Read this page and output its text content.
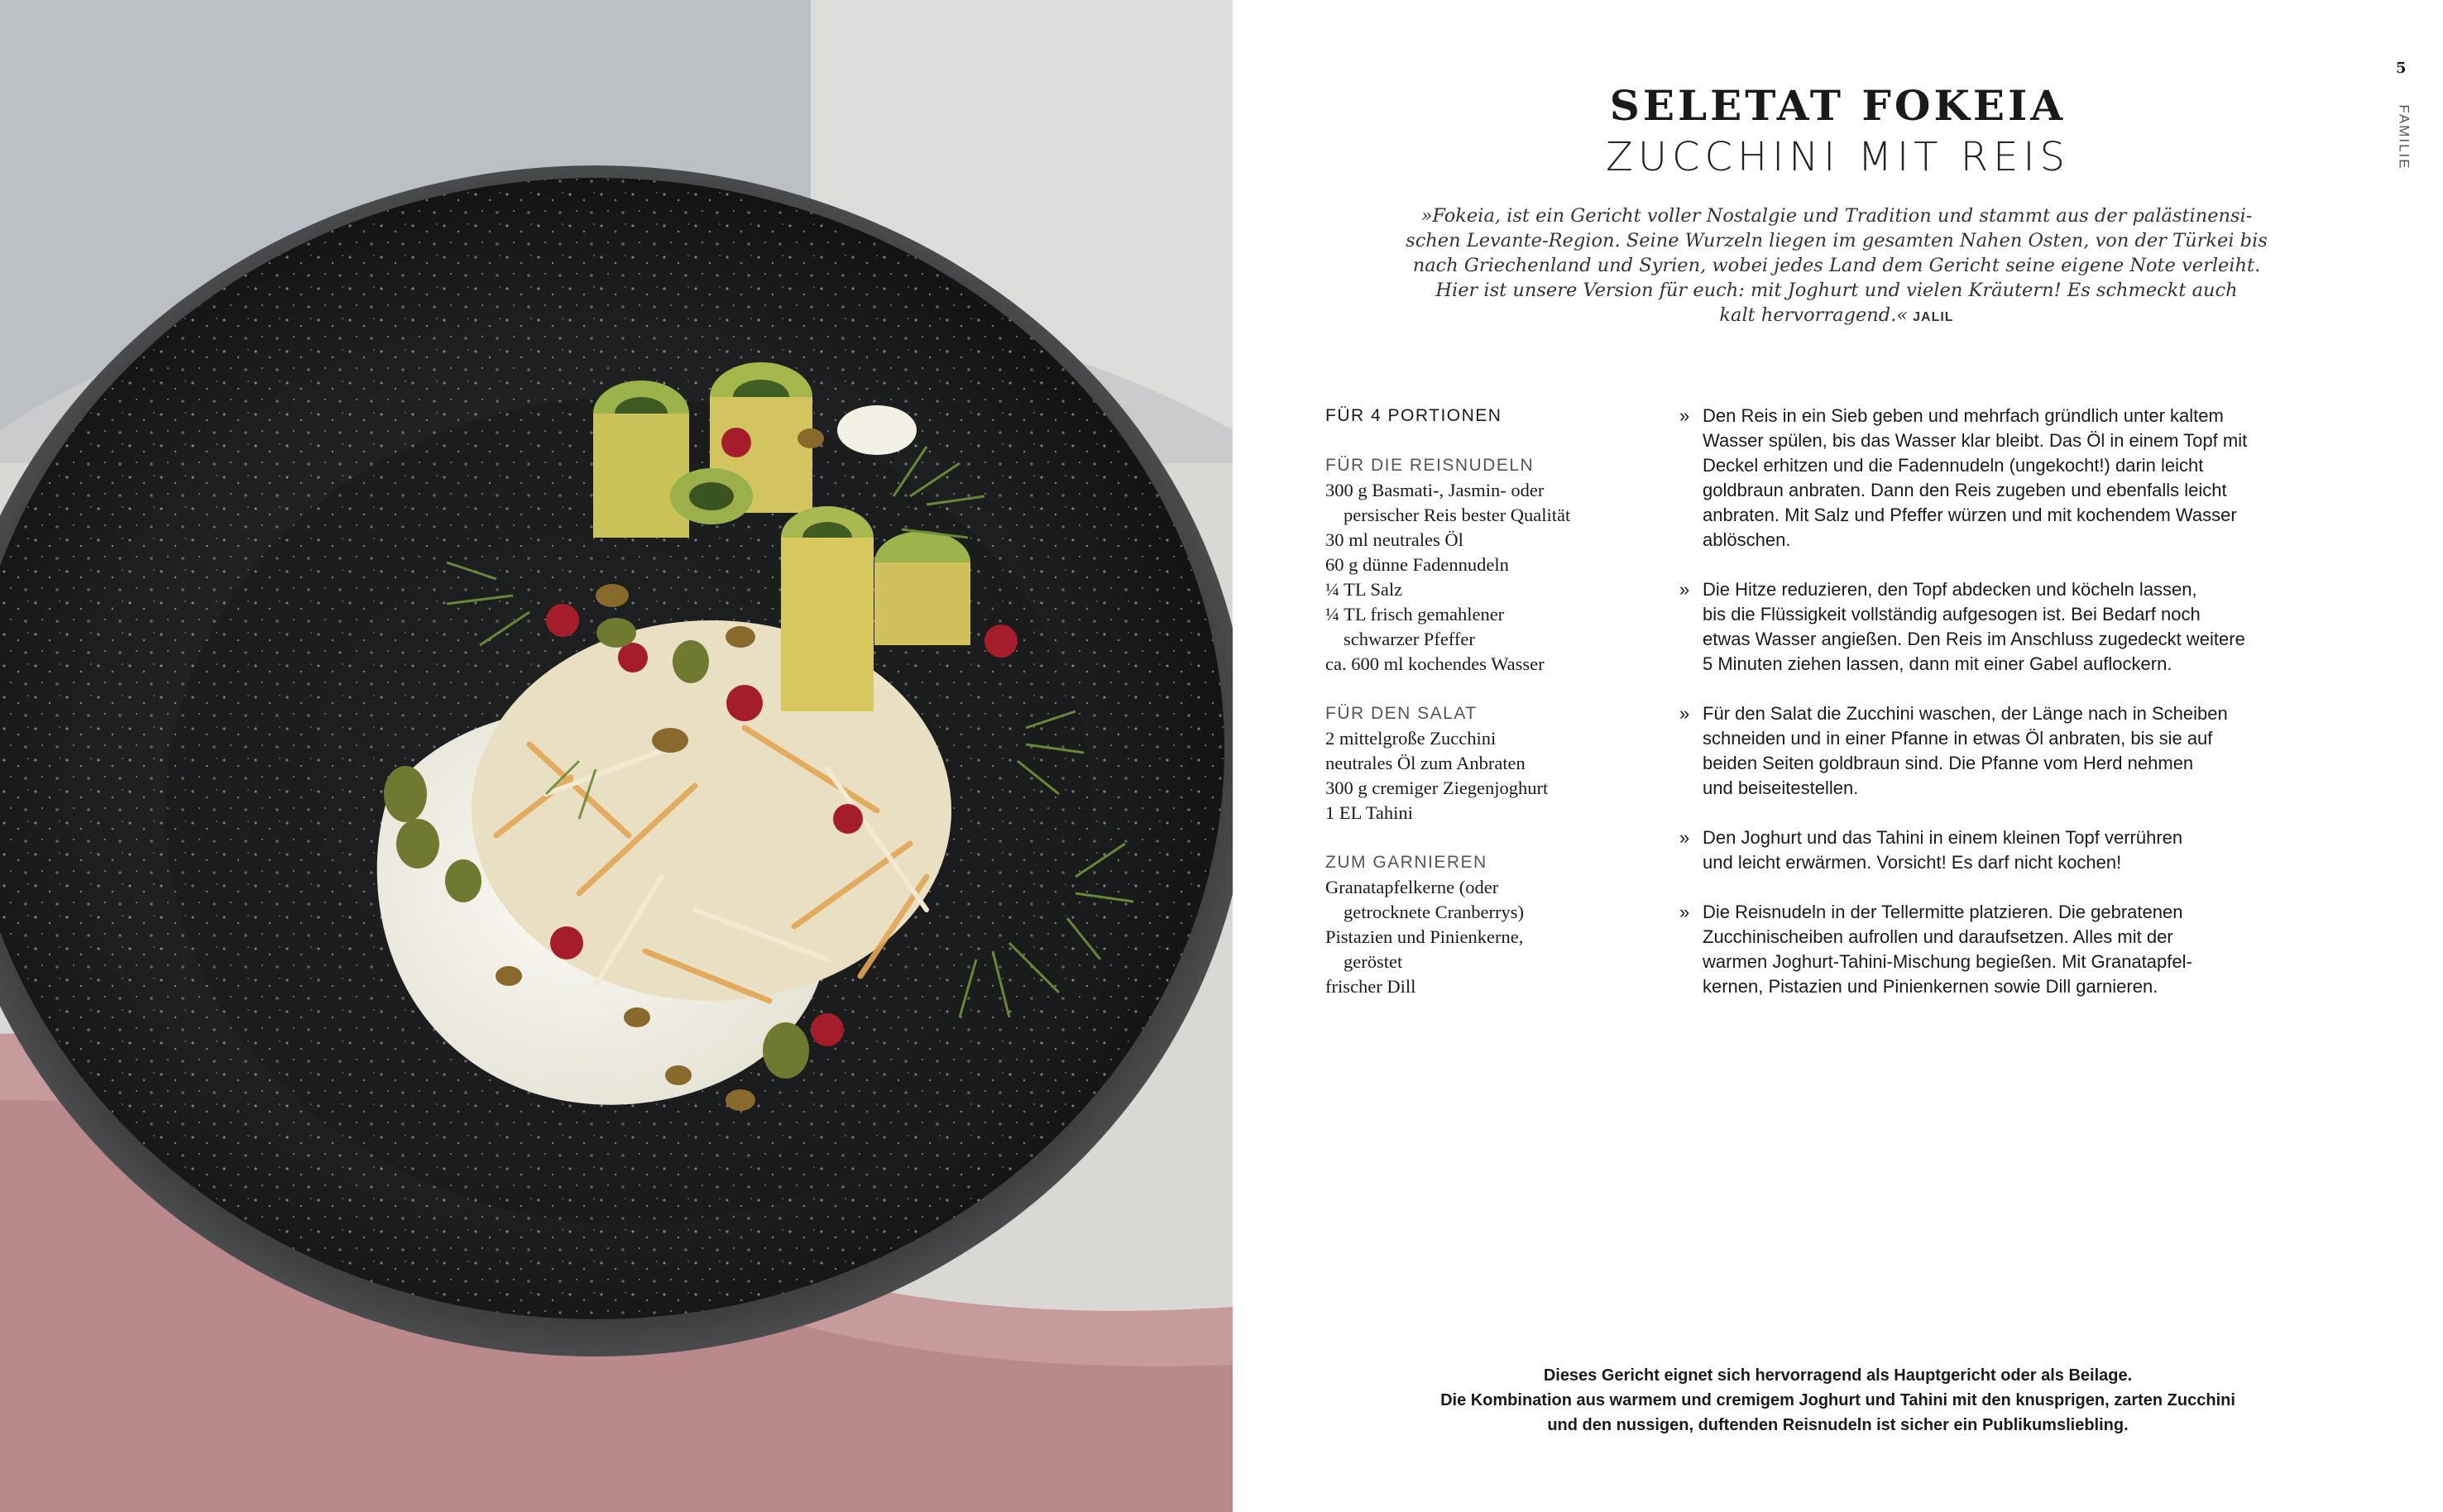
5
FAMILIE
SELETAT FOKEIA
ZUCCHINI MIT REIS
»Fokeia, ist ein Gericht voller Nostalgie und Tradition und stammt aus der palästinensi-
schen Levante-Region. Seine Wurzeln liegen im gesamten Nahen Osten, von der Türkei bis
nach Griechenland und Syrien, wobei jedes Land dem Gericht seine eigene Note verleiht.
Hier ist unsere Version für euch: mit Joghurt und vielen Kräutern! Es schmeckt auch
kalt hervorragend.« JALIL
FÜR 4 PORTIONEN
FÜR DIE REISNUDELN
300 g Basmati-, Jasmin- oder
persischer Reis bester Qualität
30 ml neutrales Öl
60 g dünne Fadennudeln
¼ TL Salz
¼ TL frisch gemahlener
schwarzer Pfeffer
ca. 600 ml kochendes Wasser
FÜR DEN SALAT
2 mittelgroße Zucchini
neutrales Öl zum Anbraten
300 g cremiger Ziegenjoghurt
1 EL Tahini
ZUM GARNIEREN
Granatapfelkerne (oder
getrocknete Cranberrys)
Pistazien und Pinienkerne,
geröstet
frischer Dill
» Den Reis in ein Sieb geben und mehrfach gründlich unter kaltem
Wasser spülen, bis das Wasser klar bleibt. Das Öl in einem Topf mit
Deckel erhitzen und die Fadennudeln (ungekocht!) darin leicht
goldbraun anbraten. Dann den Reis zugeben und ebenfalls leicht
anbraten. Mit Salz und Pfeffer würzen und mit kochendem Wasser
ablöschen.
» Die Hitze reduzieren, den Topf abdecken und köcheln lassen,
bis die Flüssigkeit vollständig aufgesogen ist. Bei Bedarf noch
etwas Wasser angießen. Den Reis im Anschluss zugedeckt weitere
5 Minuten ziehen lassen, dann mit einer Gabel auflockern.
» Für den Salat die Zucchini waschen, der Länge nach in Scheiben
schneiden und in einer Pfanne in etwas Öl anbraten, bis sie auf
beiden Seiten goldbraun sind. Die Pfanne vom Herd nehmen
und beiseitestellen.
» Den Joghurt und das Tahini in einem kleinen Topf verrühren
und leicht erwärmen. Vorsicht! Es darf nicht kochen!
» Die Reisnudeln in der Tellermitte platzieren. Die gebratenen
Zucchinischeiben aufrollen und daraufsetzen. Alles mit der
warmen Joghurt-Tahini-Mischung begießen. Mit Granatapfel-
kernen, Pistazien und Pinienkernen sowie Dill garnieren.
Dieses Gericht eignet sich hervorragend als Hauptgericht oder als Beilage.
Die Kombination aus warmem und cremigem Joghurt und Tahini mit den knusprigen, zarten Zucchini
und den nussigen, duftenden Reisnudeln ist sicher ein Publikumsliebling.
